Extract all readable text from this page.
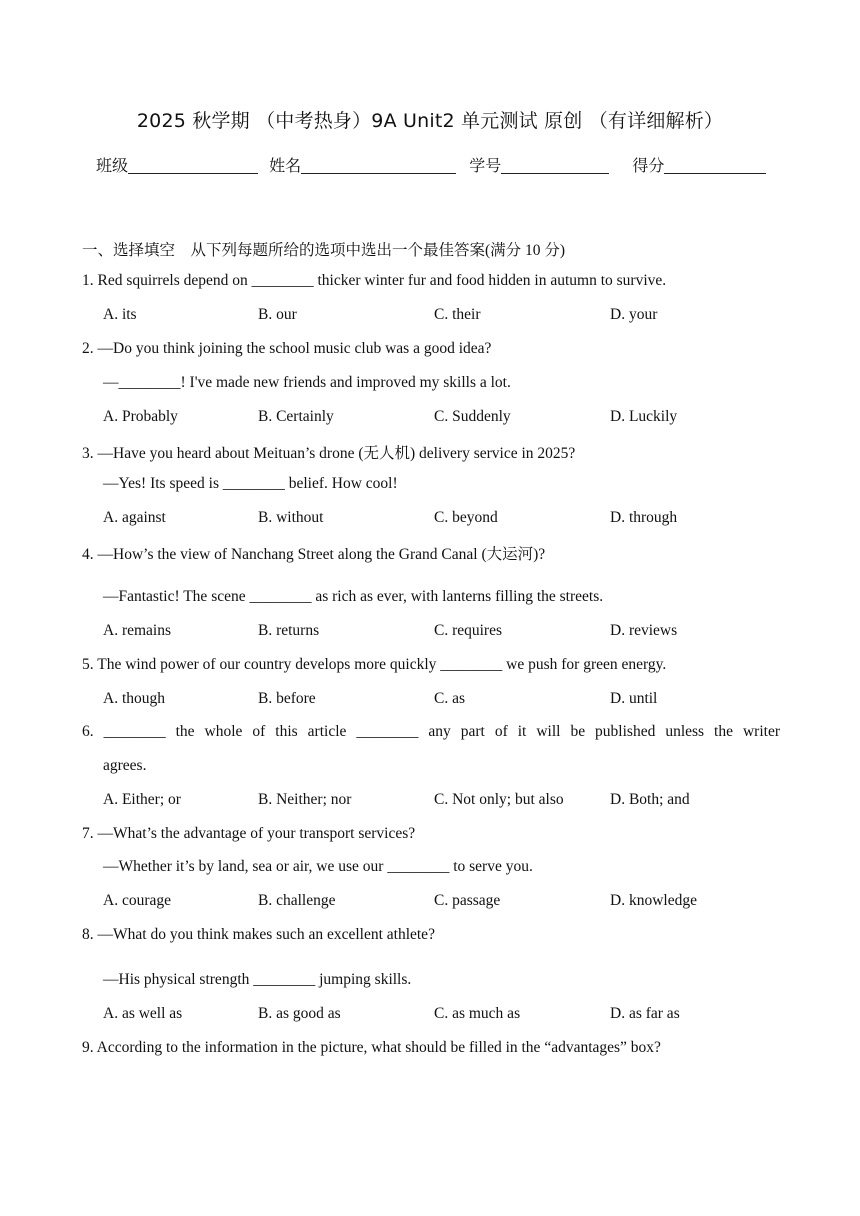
2025 秋学期 （中考热身）9A Unit2 单元测试 原创 （有详细解析）
班级	姓名	学号	得分
一、选择填空　从下列每题所给的选项中选出一个最佳答案(满分 10 分)
1. Red squirrels depend on ________ thicker winter fur and food hidden in autumn to survive.
A. its	B. our	C. their	D. your
2. —Do you think joining the school music club was a good idea?
—________! I've made new friends and improved my skills a lot.
A. Probably	B. Certainly	C. Suddenly	D. Luckily
3. —Have you heard about Meituan’s drone (无人机) delivery service in 2025?
—Yes! Its speed is ________ belief. How cool!
A. against	B. without	C. beyond	D. through
4. —How’s the view of Nanchang Street along the Grand Canal (大运河)?
—Fantastic! The scene ________ as rich as ever, with lanterns filling the streets.
A. remains	B. returns	C. requires	D. reviews
5. The wind power of our country develops more quickly ________ we push for green energy.
A. though	B. before	C. as	D. until
6. ________ the whole of this article ________ any part of it will be published unless the writer
agrees.
A. Either; or	B. Neither; nor	C. Not only; but also	D. Both; and
7. —What’s the advantage of your transport services?
—Whether it’s by land, sea or air, we use our ________ to serve you.
A. courage	B. challenge	C. passage	D. knowledge
8. —What do you think makes such an excellent athlete?
—His physical strength ________ jumping skills.
A. as well as	B. as good as	C. as much as	D. as far as
9. According to the information in the picture, what should be filled in the “advantages” box?
